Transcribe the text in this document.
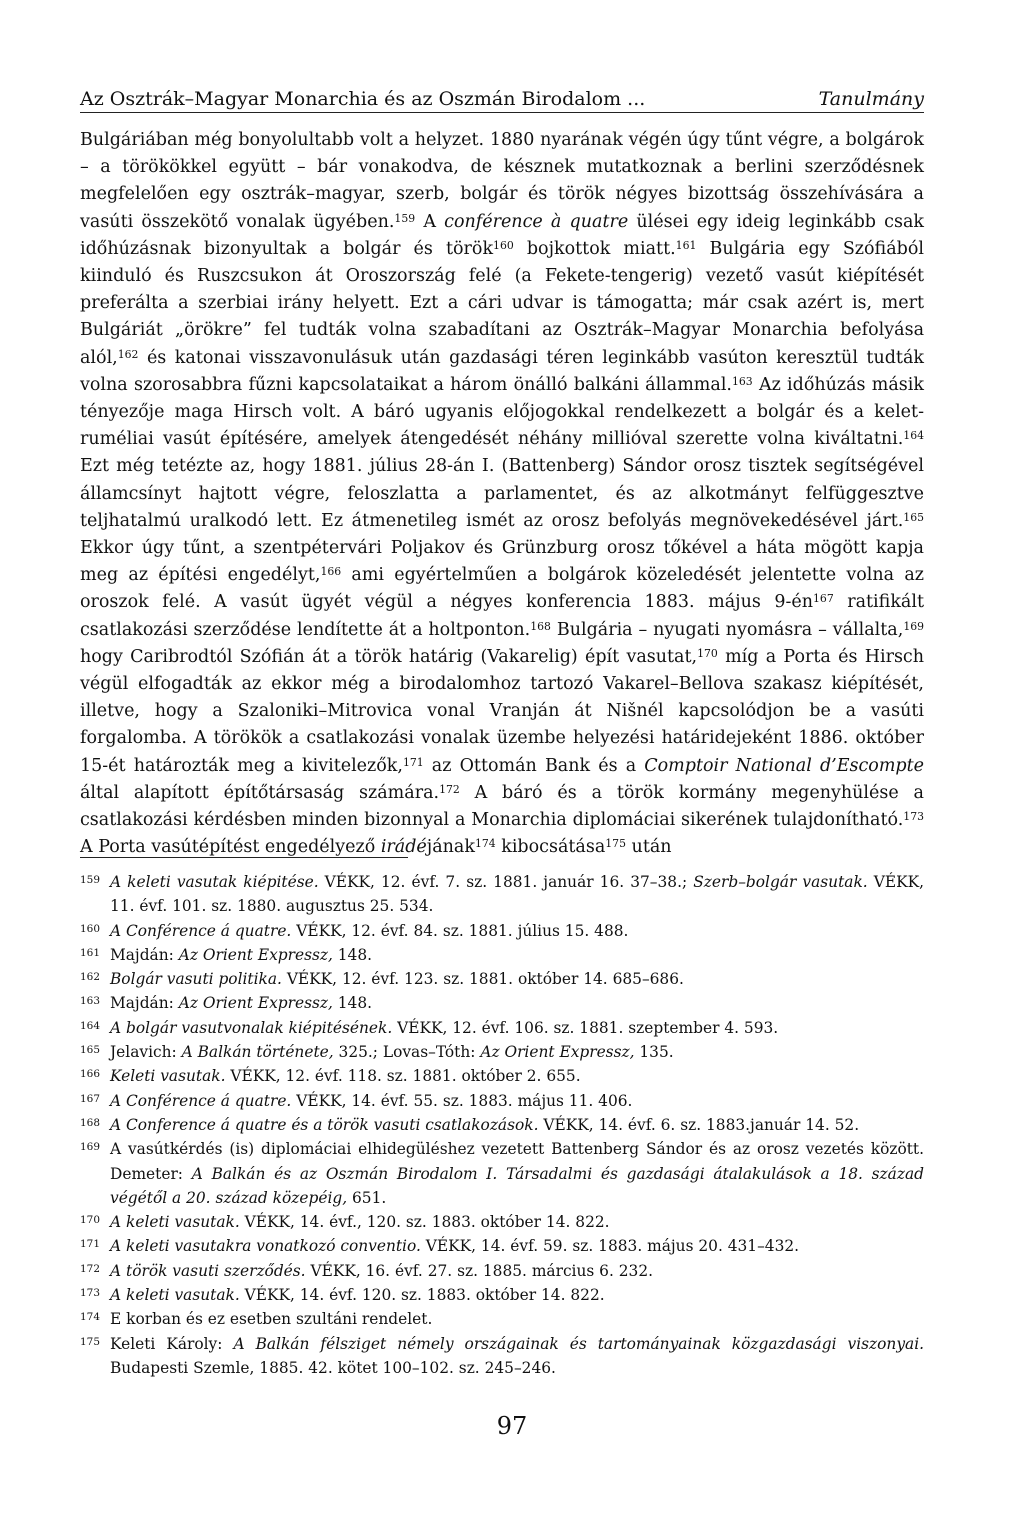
Az Osztrák–Magyar Monarchia és az Oszmán Birodalom ...	Tanulmány

Bulgáriában még bonyolultabb volt a helyzet. 1880 nyarának végén úgy tűnt végre, a bolgárok – a törökökkel együtt – bár vonakodva, de késznek mutatkoznak a berlini szerződésnek megfelelően egy osztrák–magyar, szerb, bolgár és török négyes bizottság összehívására a vasúti összekötő vonalak ügyében.$^{159}$ A conférence à quatre ülései egy ideig leginkább csak időhúzásnak bizonyultak a bolgár és török$^{160}$ bojkottok miatt.$^{161}$ Bulgária egy Szófiából kiinduló és Ruszcsukon át Oroszország felé (a Fekete-tengerig) vezető vasút kiépítését preferálta a szerbiai irány helyett. Ezt a cári udvar is támogatta; már csak azért is, mert Bulgáriát „örökre” fel tudták volna szabadítani az Osztrák–Magyar Monarchia befolyása alól,$^{162}$ és katonai visszavonulásuk után gazdasági téren leginkább vasúton keresztül tudták volna szorosabbra fűzni kapcsolataikat a három önálló balkáni állammal.$^{163}$ Az időhúzás másik tényezője maga Hirsch volt. A báró ugyanis előjogokkal rendelkezett a bolgár és a kelet-ruméliai vasút építésére, amelyek átengedését néhány millióval szerette volna kiváltatni.$^{164}$ Ezt még tetézte az, hogy 1881. július 28-án I. (Battenberg) Sándor orosz tisztek segítségével államcsínyt hajtott végre, feloszlatta a parlamentet, és az alkotmányt felfüggesztve teljhatalmú uralkodó lett. Ez átmenetileg ismét az orosz befolyás megnövekedésével járt.$^{165}$ Ekkor úgy tűnt, a szentpétervári Poljakov és Grünzburg orosz tőkével a háta mögött kapja meg az építési engedélyt,$^{166}$ ami egyértelműen a bolgárok közeledését jelentette volna az oroszok felé. A vasút ügyét végül a négyes konferencia 1883. május $9-én^{167}$ ratifikált csatlakozási szerződése lendítette át a holtponton.$^{168}$ Bulgária – nyugati nyomásra – vállalta,$^{169}$ hogy Caribrodtól Szófián át a török határig (Vakarelig) épít vasutat,$^{170}$ míg a Porta és Hirsch végül elfogadták az ekkor még a birodalomhoz tartozó Vakarel–Bellova szakasz kiépítését, illetve, hogy a Szaloniki–Mitrovica vonal Vranján át Nišnél kapcsolódjon be a vasúti forgalomba. A törökök a csatlakozási vonalak üzembe helyezési határidejeként 1886. október 15-ét határozták meg a kivitelezők,$^{171}$ az Ottomán Bank és a Comptoir National d’Escompte által alapított építőtársaság számára.$^{172}$ A báró és a török kormány megenyhülése a csatlakozási kérdésben minden bizonnyal a Monarchia diplomáciai sikerének tulajdonítható.$^{173}$ A Porta vasútépítést engedélyező irádéjának$^{174}$ kibocsátása$^{175}$ után

159 A keleti vasutak kiépitése. VÉKK, 12. évf. 7. sz. 1881. január 16. 37–38.; Szerb–bolgár vasutak. VÉKK, 11. évf. 101. sz. 1880. augusztus 25. 534.
160 A Conférence á quatre. VÉKK, 12. évf. 84. sz. 1881. július 15. 488.
161 Majdán: Az Orient Expressz, 148.
162 Bolgár vasuti politika. VÉKK, 12. évf. 123. sz. 1881. október 14. 685–686.
163 Majdán: Az Orient Expressz, 148.
164 A bolgár vasutvonalak kiépitésének. VÉKK, 12. évf. 106. sz. 1881. szeptember 4. 593.
165 Jelavich: A Balkán története, 325.; Lovas–Tóth: Az Orient Expressz, 135.
166 Keleti vasutak. VÉKK, 12. évf. 118. sz. 1881. október 2. 655.
167 A Conférence á quatre. VÉKK, 14. évf. 55. sz. 1883. május 11. 406.
168 A Conference á quatre és a török vasuti csatlakozások. VÉKK, 14. évf. 6. sz. 1883.január 14. 52.
169 A vasútkérdés (is) diplomáciai elhidegüléshez vezetett Battenberg Sándor és az orosz vezetés között. Demeter: A Balkán és az Oszmán Birodalom I. Társadalmi és gazdasági átalakulások a 18. század végétől a 20. század közepéig, 651.
170 A keleti vasutak. VÉKK, 14. évf., 120. sz. 1883. október 14. 822.
171 A keleti vasutakra vonatkozó conventio. VÉKK, 14. évf. 59. sz. 1883. május 20. 431–432.
172 A török vasuti szerződés. VÉKK, 16. évf. 27. sz. 1885. március 6. 232.
173 A keleti vasutak. VÉKK, 14. évf. 120. sz. 1883. október 14. 822.
174 E korban és ez esetben szultáni rendelet.
175 Keleti Károly: A Balkán félsziget némely országainak és tartományainak közgazdasági viszonyai. Budapesti Szemle, 1885. 42. kötet 100–102. sz. 245–246.
97
